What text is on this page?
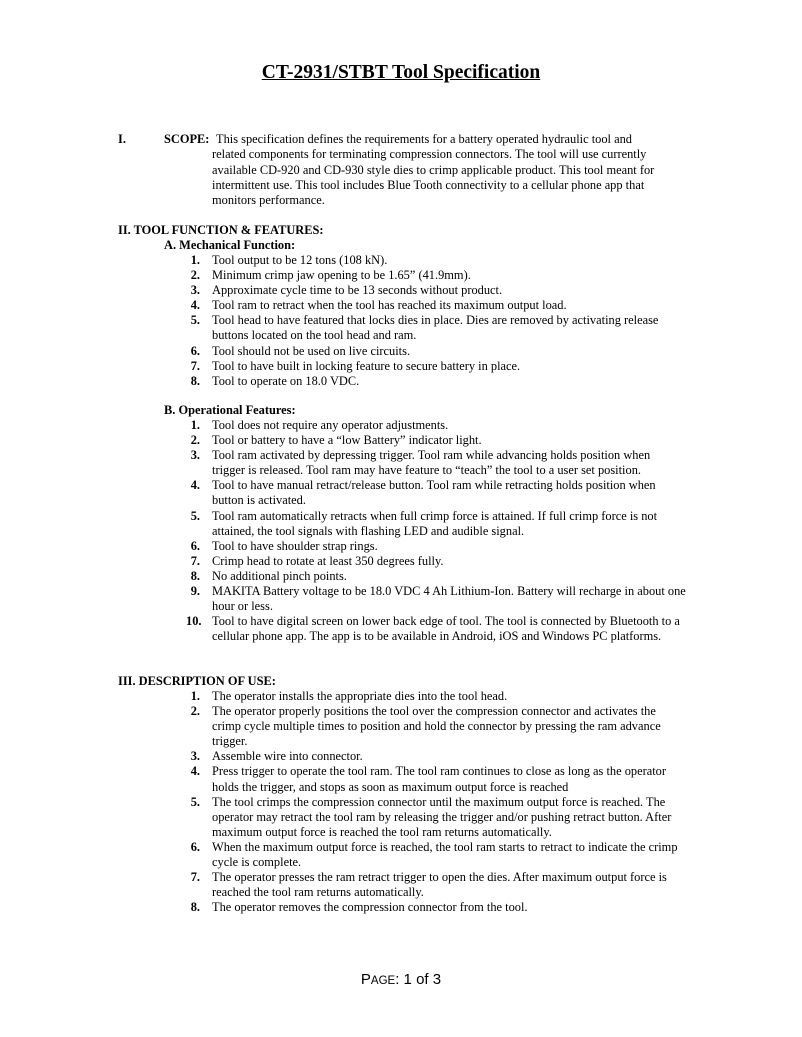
CT-2931/STBT Tool Specification
I.	SCOPE: This specification defines the requirements for a battery operated hydraulic tool and
related components for terminating compression connectors. The tool will use currently available CD-920 and CD-930 style dies to crimp applicable product. This tool meant for intermittent use. This tool includes Blue Tooth connectivity to a cellular phone app that monitors performance.
II. TOOL FUNCTION & FEATURES:
A. Mechanical Function:
1. Tool output to be 12 tons (108 kN).
2. Minimum crimp jaw opening to be 1.65” (41.9mm).
3. Approximate cycle time to be 13 seconds without product.
4. Tool ram to retract when the tool has reached its maximum output load.
5. Tool head to have featured that locks dies in place. Dies are removed by activating release buttons located on the tool head and ram.
6. Tool should not be used on live circuits.
7. Tool to have built in locking feature to secure battery in place.
8. Tool to operate on 18.0 VDC.
B. Operational Features:
1. Tool does not require any operator adjustments.
2. Tool or battery to have a “low Battery” indicator light.
3. Tool ram activated by depressing trigger. Tool ram while advancing holds position when trigger is released. Tool ram may have feature to “teach” the tool to a user set position.
4. Tool to have manual retract/release button. Tool ram while retracting holds position when button is activated.
5. Tool ram automatically retracts when full crimp force is attained. If full crimp force is not attained, the tool signals with flashing LED and audible signal.
6. Tool to have shoulder strap rings.
7. Crimp head to rotate at least 350 degrees fully.
8. No additional pinch points.
9. MAKITA Battery voltage to be 18.0 VDC 4 Ah Lithium-Ion. Battery will recharge in about one hour or less.
10. Tool to have digital screen on lower back edge of tool. The tool is connected by Bluetooth to a cellular phone app. The app is to be available in Android, iOS and Windows PC platforms.
III. DESCRIPTION OF USE:
1. The operator installs the appropriate dies into the tool head.
2. The operator properly positions the tool over the compression connector and activates the crimp cycle multiple times to position and hold the connector by pressing the ram advance trigger.
3. Assemble wire into connector.
4. Press trigger to operate the tool ram. The tool ram continues to close as long as the operator holds the trigger, and stops as soon as maximum output force is reached
5. The tool crimps the compression connector until the maximum output force is reached. The operator may retract the tool ram by releasing the trigger and/or pushing retract button. After maximum output force is reached the tool ram returns automatically.
6. When the maximum output force is reached, the tool ram starts to retract to indicate the crimp cycle is complete.
7. The operator presses the ram retract trigger to open the dies. After maximum output force is reached the tool ram returns automatically.
8. The operator removes the compression connector from the tool.
PAGE: 1 of 3
